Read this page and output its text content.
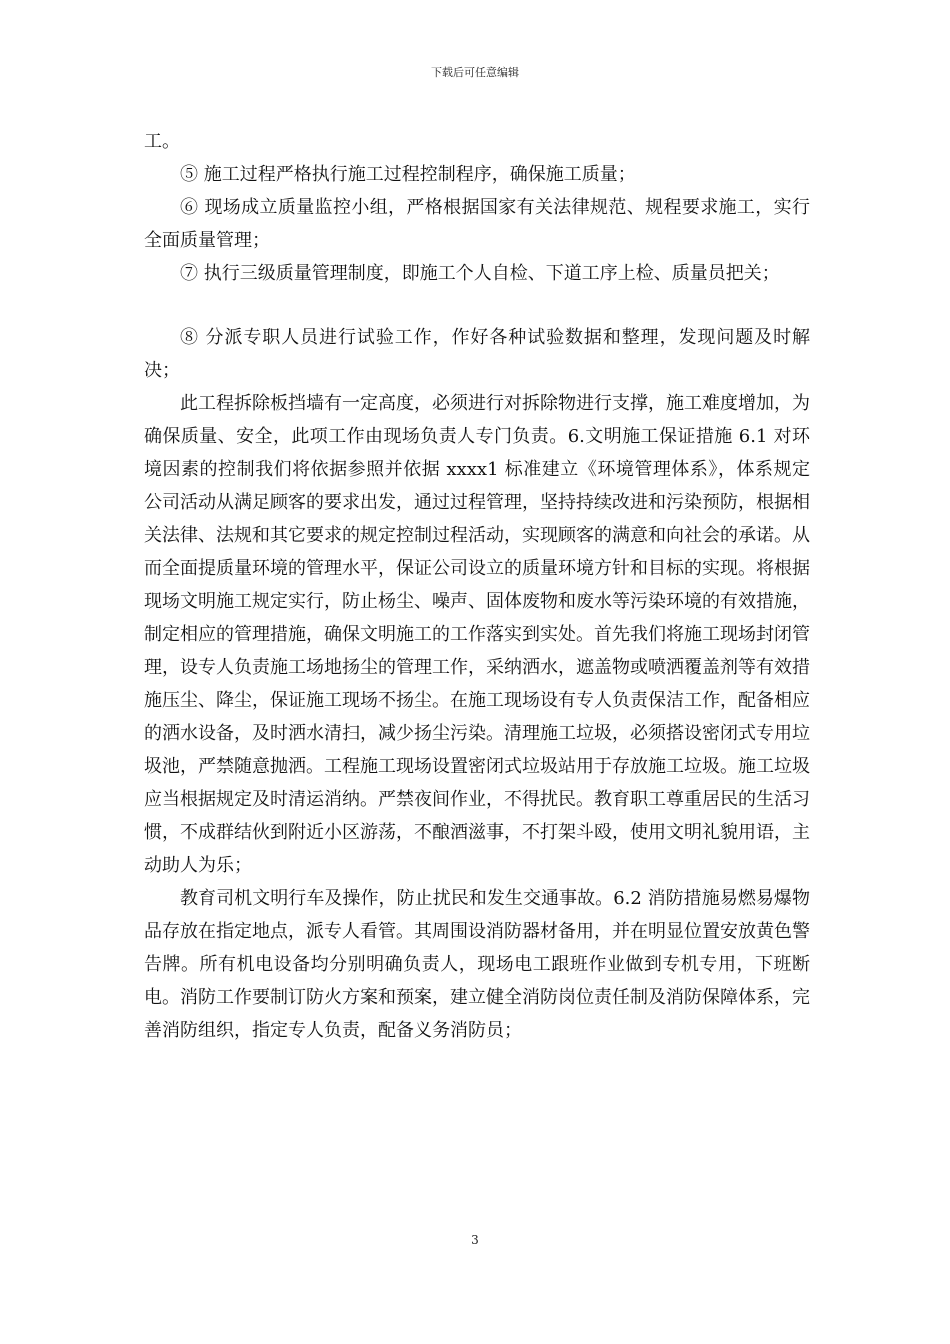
下载后可任意编辑

工。

⑤ 施工过程严格执行施工过程控制程序，确保施工质量；

⑥ 现场成立质量监控小组，严格根据国家有关法律规范、规程要求施工，实行全面质量管理；

⑦ 执行三级质量管理制度，即施工个人自检、下道工序上检、质量员把关；

⑧ 分派专职人员进行试验工作，作好各种试验数据和整理，发现问题及时解决；

此工程拆除板挡墙有一定高度，必须进行对拆除物进行支撑，施工难度增加，为确保质量、安全，此项工作由现场负责人专门负责。6.文明施工保证措施 6.1 对环境因素的控制我们将依据参照并依据 xxxx1 标准建立《环境管理体系》，体系规定公司活动从满足顾客的要求出发，通过过程管理，坚持持续改进和污染预防，根据相关法律、法规和其它要求的规定控制过程活动，实现顾客的满意和向社会的承诺。从而全面提质量环境的管理水平，保证公司设立的质量环境方针和目标的实现。将根据现场文明施工规定实行，防止杨尘、噪声、固体废物和废水等污染环境的有效措施，制定相应的管理措施，确保文明施工的工作落实到实处。首先我们将施工现场封闭管理，设专人负责施工场地扬尘的管理工作，采纳洒水，遮盖物或喷洒覆盖剂等有效措施压尘、降尘，保证施工现场不扬尘。在施工现场设有专人负责保洁工作，配备相应的洒水设备，及时洒水清扫，减少扬尘污染。清理施工垃圾，必须搭设密闭式专用垃圾池，严禁随意抛洒。工程施工现场设置密闭式垃圾站用于存放施工垃圾。施工垃圾应当根据规定及时清运消纳。严禁夜间作业，不得扰民。教育职工尊重居民的生活习惯，不成群结伙到附近小区游荡，不酿酒滋事，不打架斗殴，使用文明礼貌用语，主动助人为乐；

教育司机文明行车及操作，防止扰民和发生交通事故。6.2 消防措施易燃易爆物品存放在指定地点，派专人看管。其周围设消防器材备用，并在明显位置安放黄色警告牌。所有机电设备均分别明确负责人，现场电工跟班作业做到专机专用，下班断电。消防工作要制订防火方案和预案，建立健全消防岗位责任制及消防保障体系，完善消防组织，指定专人负责，配备义务消防员；

3
